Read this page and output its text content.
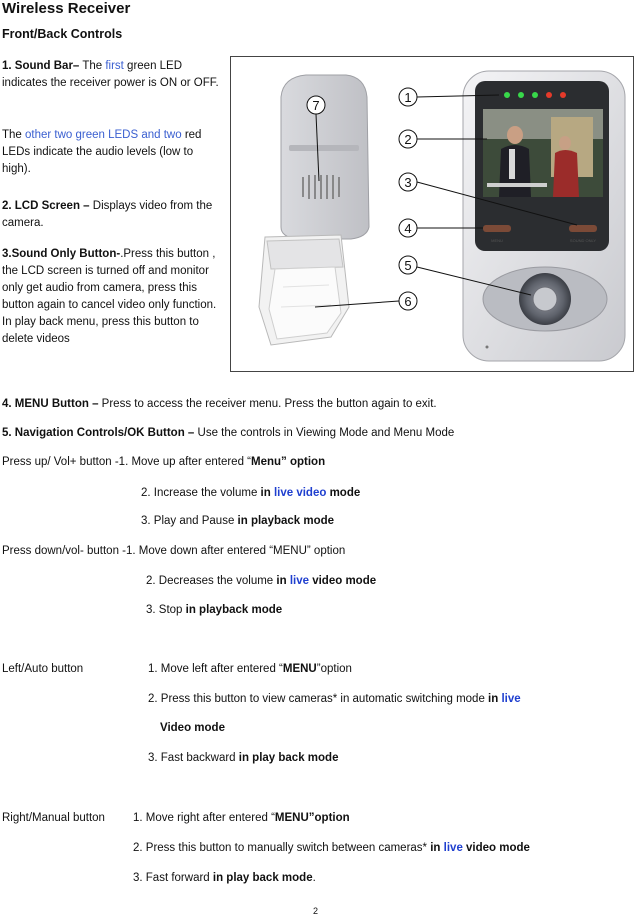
Wireless Receiver
Front/Back Controls
1. Sound Bar– The first green LED indicates the receiver power is ON or OFF.
The other two green LEDS and two red LEDs indicate the audio levels (low to high).
2. LCD Screen – Displays video from the camera.
3.Sound Only Button-.Press this button , the LCD screen is turned off and monitor only get audio from camera, press this button again to cancel video only function. In play back menu, press this button to delete videos
MENU	SOUND ONLY
1
2
3
4
5
6
7
4. MENU Button – Press to access the receiver menu. Press the button again to exit.
5. Navigation Controls/OK Button – Use the controls in Viewing Mode and Menu Mode
Press up/ Vol+ button -1. Move up after entered “Menu” option
2. Increase the volume in live video mode
3. Play and Pause in playback mode
Press down/vol- button -1. Move down after entered “MENU” option
2. Decreases the volume in live video mode
3. Stop in playback mode
Left/Auto button	1. Move left after entered “MENU”option
2. Press this button to view cameras* in automatic switching mode in live
Video mode
3. Fast backward in play back mode
Right/Manual button 1. Move right after entered “MENU”option
2. Press this button to manually switch between cameras* in live video mode
3. Fast forward in play back mode.
2
